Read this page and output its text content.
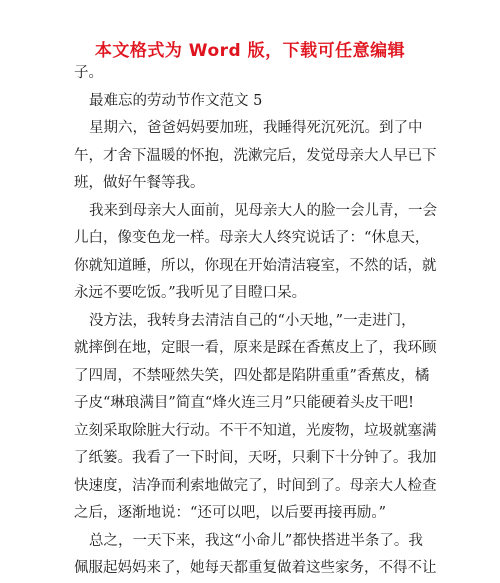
本文格式为 Word 版，下载可任意编辑
子。
最难忘的劳动节作文范文 5
星期六，爸爸妈妈要加班，我睡得死沉死沉。到了中
午，才舍下温暖的怀抱，洗漱完后，发觉母亲大人早已下
班，做好午餐等我。
我来到母亲大人面前，见母亲大人的脸一会儿青，一会
儿白，像变色龙一样。母亲大人终究说话了：“休息天，
你就知道睡，所以，你现在开始清洁寝室，不然的话，就
永远不要吃饭。”我听见了目瞪口呆。
没方法，我转身去清洁自己的“小天地，”一走进门，
就摔倒在地，定眼一看，原来是踩在香蕉皮上了，我环顾
了四周，不禁哑然失笑，四处都是陷阱重重”香蕉皮，橘
子皮“琳琅满目”简直“烽火连三月”只能硬着头皮干吧!
立刻采取除脏大行动。不干不知道，光废物，垃圾就塞满
了纸篓。我看了一下时间，天呀，只剩下十分钟了。我加
快速度，洁净而利索地做完了，时间到了。母亲大人检查
之后，逐渐地说：“还可以吧，以后要再接再励。”
总之，一天下来，我这“小命儿”都快搭进半条了。我
佩服起妈妈来了，她每天都重复做着这些家务，不得不让
